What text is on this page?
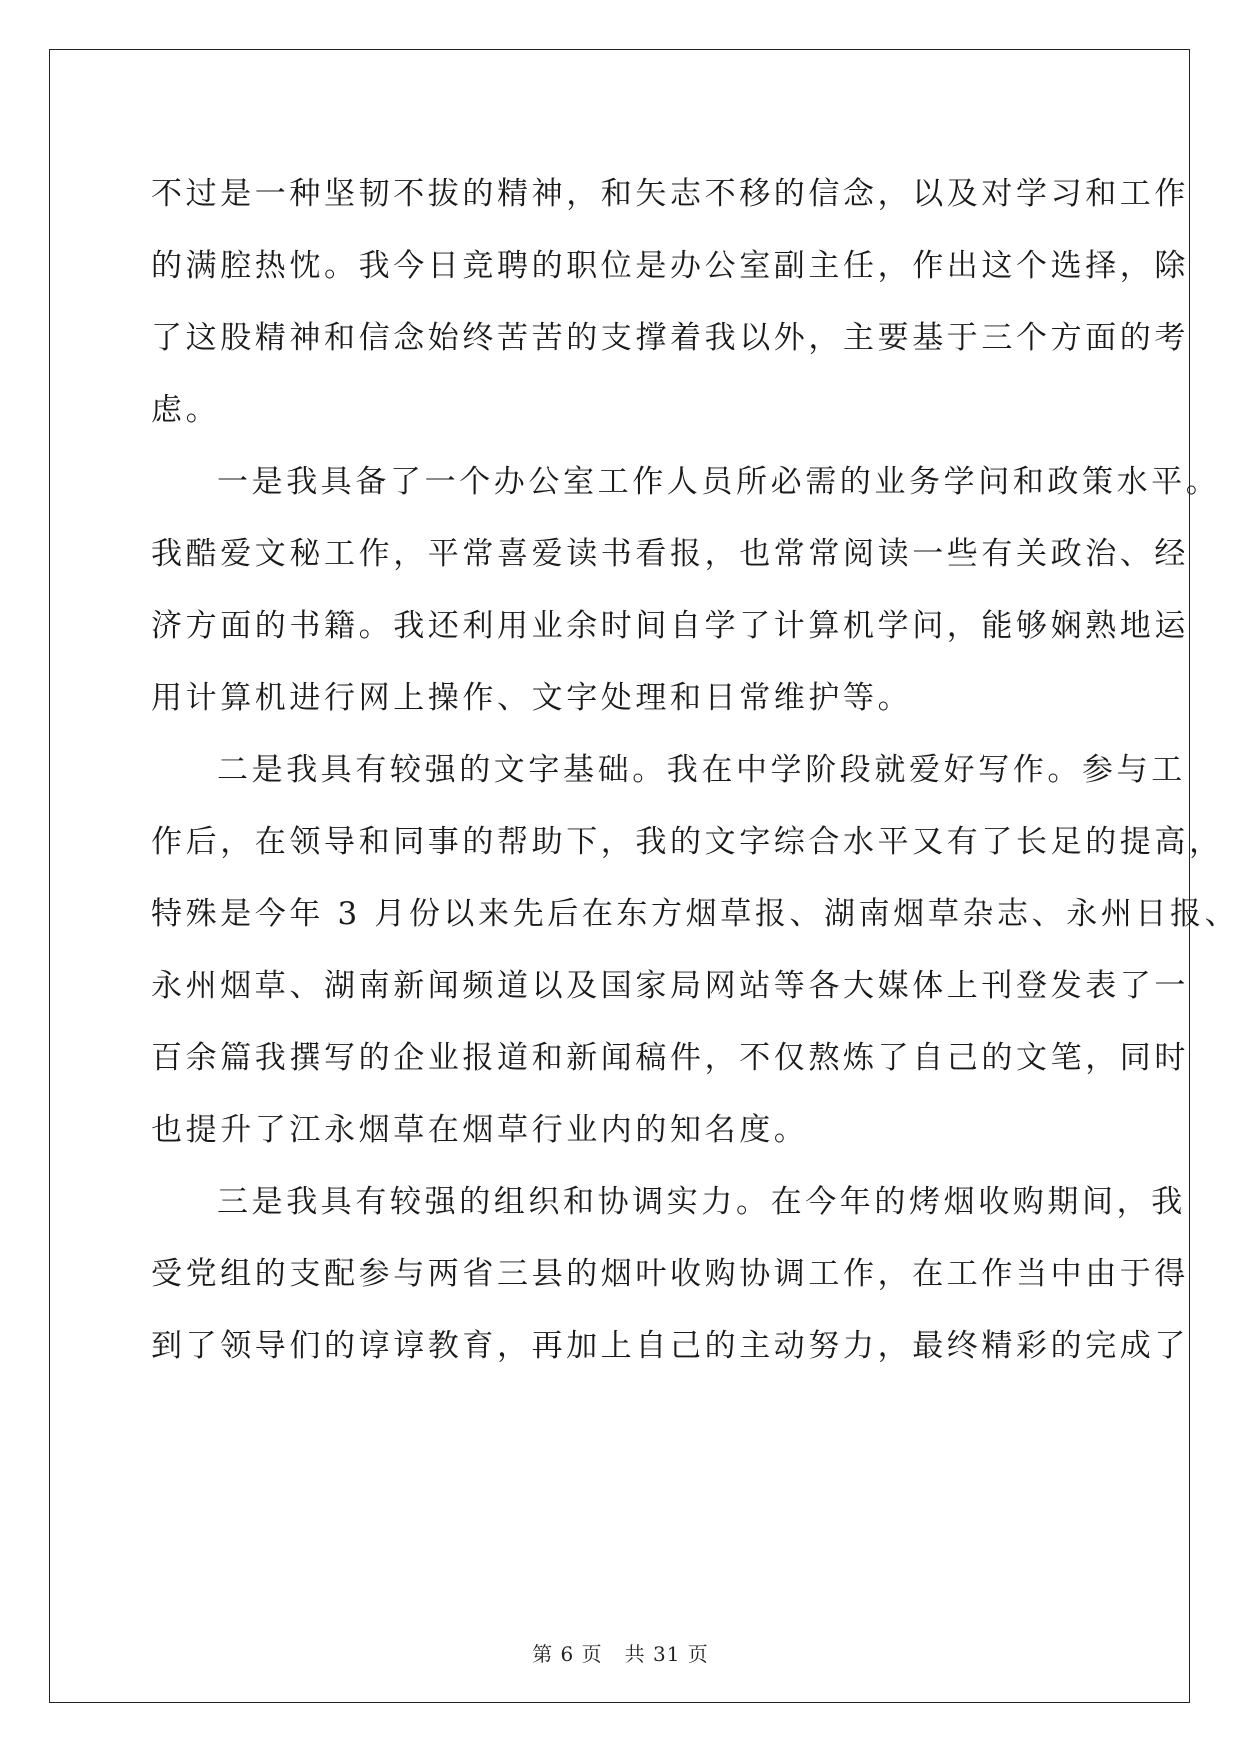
不过是一种坚韧不拔的精神，和矢志不移的信念，以及对学习和工作
的满腔热忱。我今日竞聘的职位是办公室副主任，作出这个选择，除
了这股精神和信念始终苦苦的支撑着我以外，主要基于三个方面的考
虑。
一是我具备了一个办公室工作人员所必需的业务学问和政策水平。
我酷爱文秘工作，平常喜爱读书看报，也常常阅读一些有关政治、经
济方面的书籍。我还利用业余时间自学了计算机学问，能够娴熟地运
用计算机进行网上操作、文字处理和日常维护等。
二是我具有较强的文字基础。我在中学阶段就爱好写作。参与工
作后，在领导和同事的帮助下，我的文字综合水平又有了长足的提高，
特殊是今年 3 月份以来先后在东方烟草报、湖南烟草杂志、永州日报、
永州烟草、湖南新闻频道以及国家局网站等各大媒体上刊登发表了一
百余篇我撰写的企业报道和新闻稿件，不仅熬炼了自己的文笔，同时
也提升了江永烟草在烟草行业内的知名度。
三是我具有较强的组织和协调实力。在今年的烤烟收购期间，我
受党组的支配参与两省三县的烟叶收购协调工作，在工作当中由于得
到了领导们的谆谆教育，再加上自己的主动努力，最终精彩的完成了
第 6 页 共 31 页
